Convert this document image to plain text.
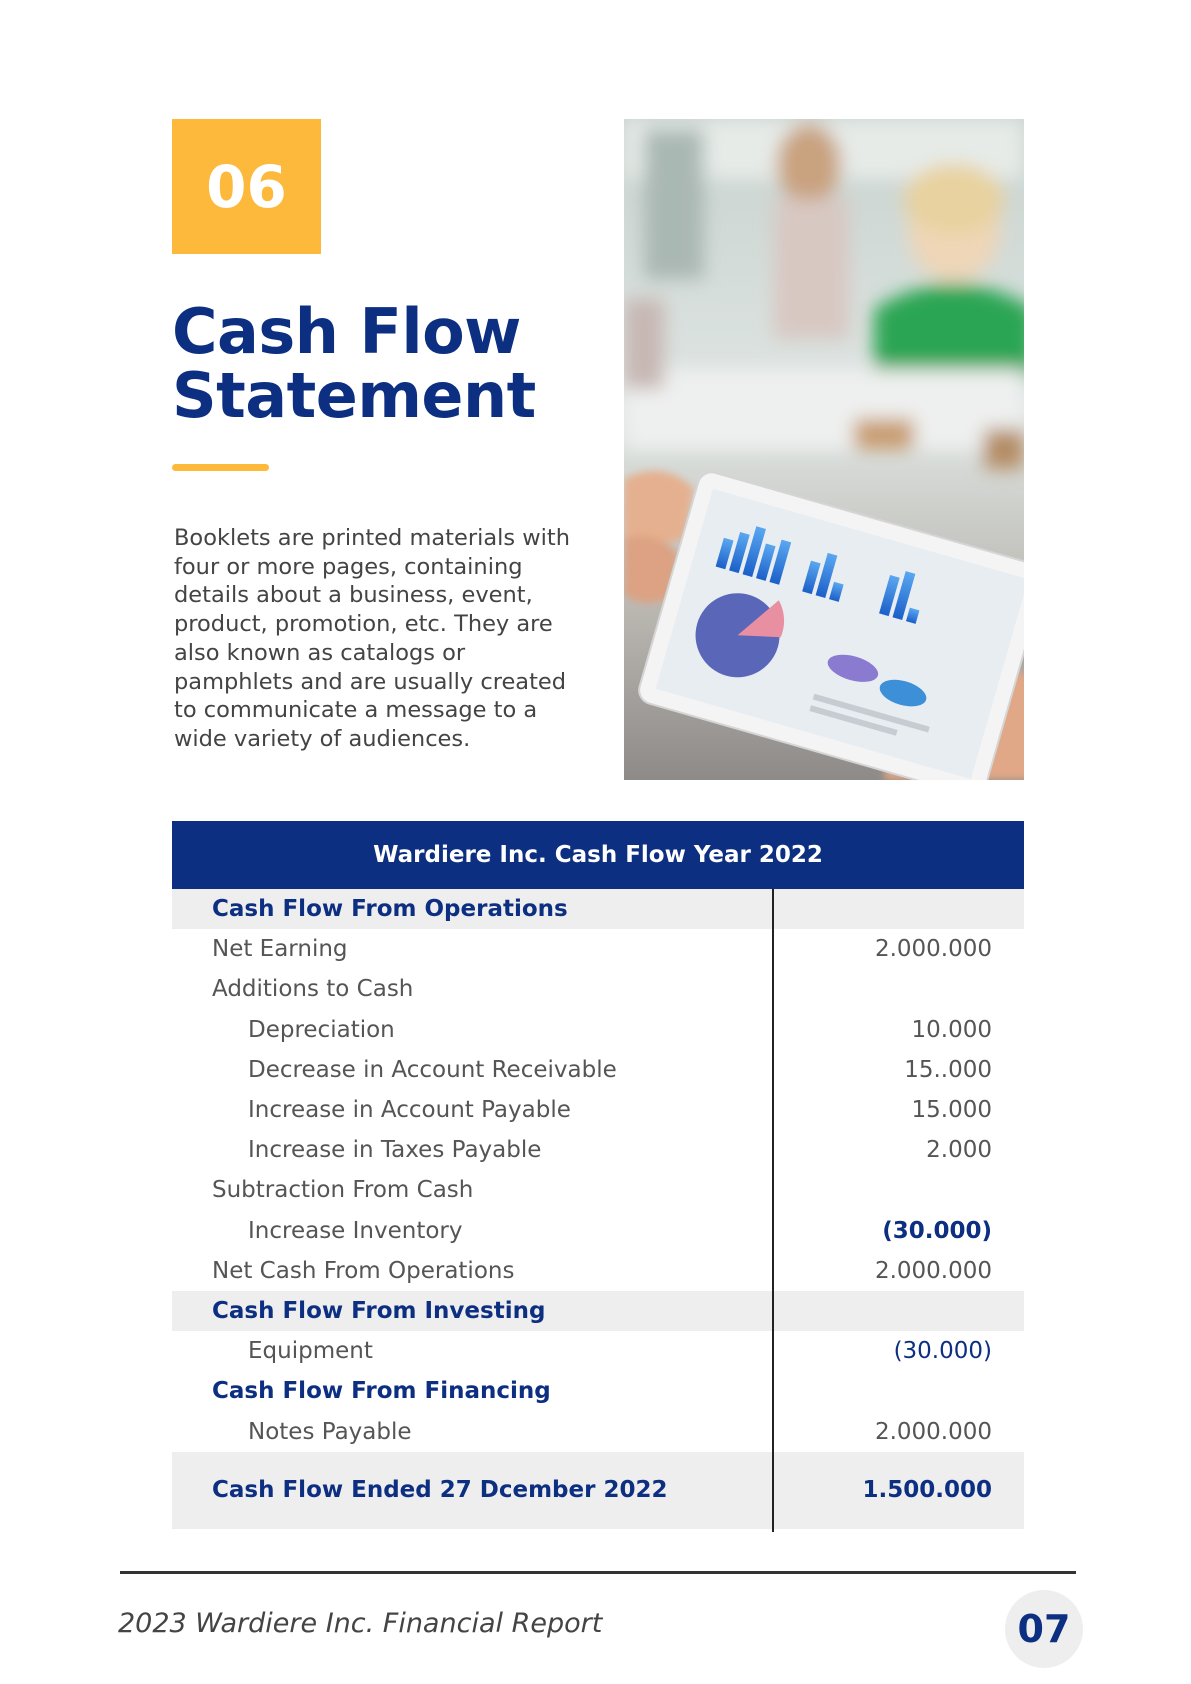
06
Cash Flow
Statement

Booklets are printed materials with four or more pages, containing details about a business, event, product, promotion, etc. They are also known as catalogs or pamphlets and are usually created to communicate a message to a wide variety of audiences.

Wardiere Inc. Cash Flow Year 2022
Cash Flow From Operations
Net Earning	2.000.000
Additions to Cash
Depreciation	10.000
Decrease in Account Receivable	15..000
Increase in Account Payable	15.000
Increase in Taxes Payable	2.000
Subtraction From Cash
Increase Inventory	(30.000)
Net Cash From Operations	2.000.000
Cash Flow From Investing
Equipment	(30.000)
Cash Flow From Financing
Notes Payable	2.000.000
Cash Flow Ended 27 Dcember 2022	1.500.000
2023 Wardiere Inc. Financial Report	07
